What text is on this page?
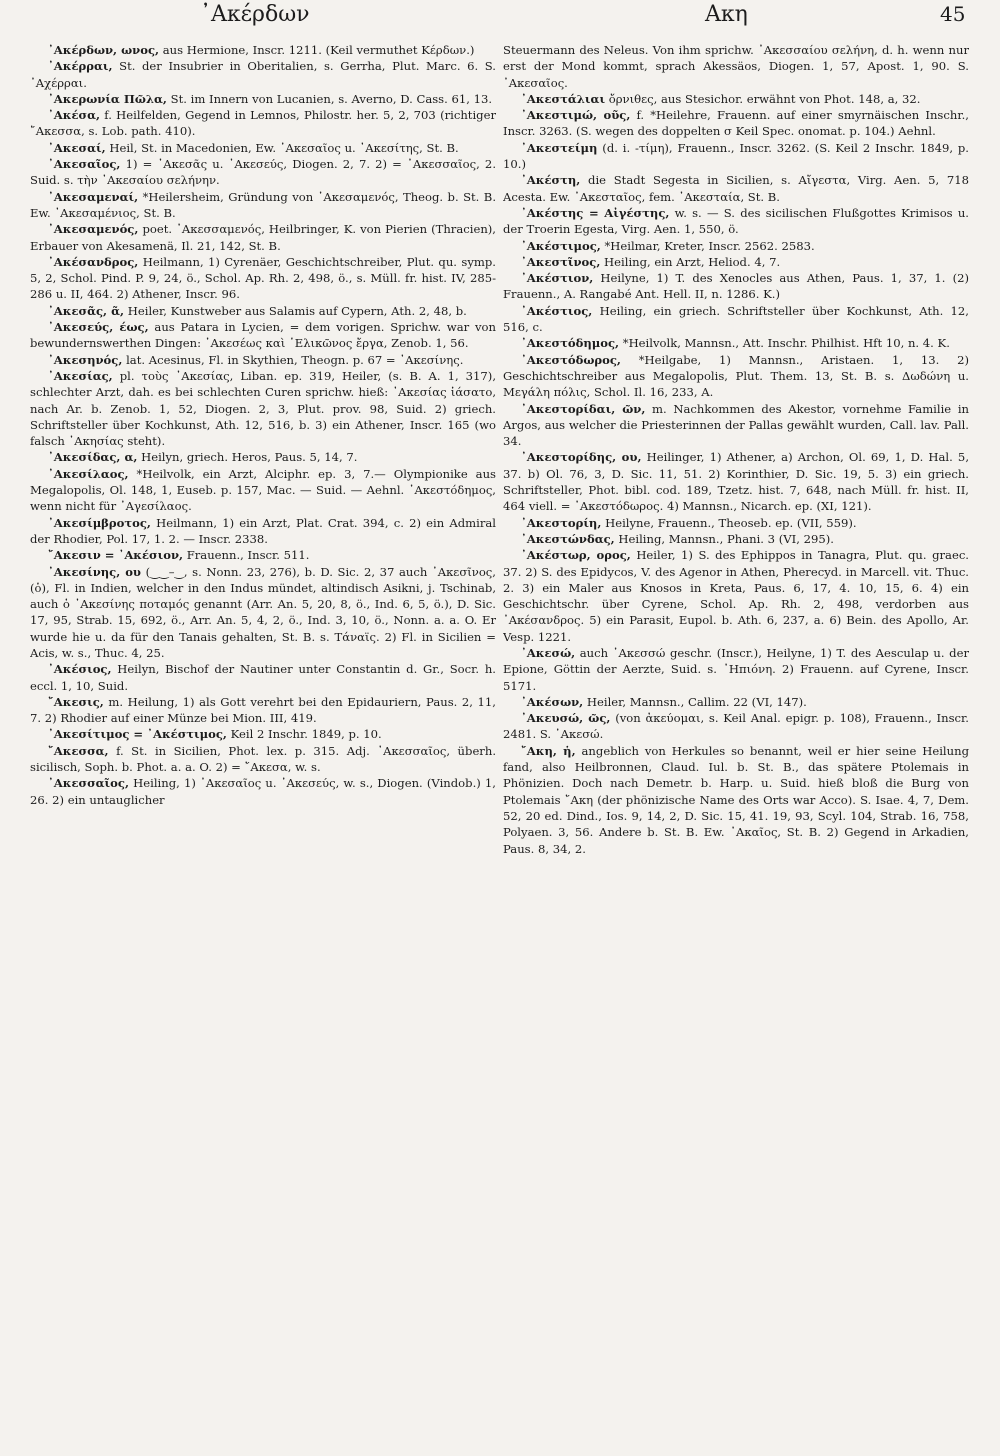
᾿Ακέρδων	Ακη	45

᾿Ακέρδων, ωνος, aus Hermione, Inscr. 1211. (Keil vermuthet Κέρδων.)

᾿Ακέρραι, St. der Insubrier in Oberitalien, s. Gerrha, Plut. Marc. 6. S. ᾿Αχέρραι.

᾿Ακερωνία Πῶλα, St. im Innern von Lucanien, s. Averno, D. Cass. 61, 13.

᾿Ακέσα, f. Heilfelden, Gegend in Lemnos, Philostr. her. 5, 2, 703 (richtiger ῎Ακεσσα, s. Lob. path. 410).

᾿Ακεσαί, Heil, St. in Macedonien, Ew. ᾿Ακεσαῖος u. ᾿Ακεσίτης, St. B.

᾿Ακεσαῖος, 1) = ᾿Ακεσᾶς u. ᾿Ακεσεύς, Diogen. 2, 7. 2) = ᾿Ακεσσαῖος, 2. Suid. s. τὴν ᾿Ακεσαίου σελήνην.

᾿Ακεσαμεναί, *Heilersheim, Gründung von ᾿Ακεσαμενός, Theog. b. St. B. Ew. ᾿Ακεσαμένιος, St. B.

᾿Ακεσαμενός, poet. ᾿Ακεσσαμενός, Heilbringer, K. von Pierien (Thracien), Erbauer von Akesamenä, Il. 21, 142, St. B.

᾿Ακέσανδρος, Heilmann, 1) Cyrenäer, Geschichtschreiber, Plut. qu. symp. 5, 2, Schol. Pind. P. 9, 24, ö., Schol. Ap. Rh. 2, 498, ö., s. Müll. fr. hist. IV, 285-286 u. II, 464. 2) Athener, Inscr. 96.

᾿Ακεσᾶς, ᾶ, Heiler, Kunstweber aus Salamis auf Cypern, Ath. 2, 48, b.

᾿Ακεσεύς, έως, aus Patara in Lycien, = dem vorigen. Sprichw. war von bewundernswerthen Dingen: ᾿Ακεσέως καὶ ῾Ελικῶνος ἔργα, Zenob. 1, 56.

᾿Ακεσηνός, lat. Acesinus, Fl. in Skythien, Theogn. p. 67 = ᾿Ακεσίνης.

᾿Ακεσίας, pl. τοὺς ᾿Ακεσίας, Liban. ep. 319, Heiler, (s. B. A. 1, 317), schlechter Arzt, dah. es bei schlechten Curen sprichw. hieß: ᾿Ακεσίας ἰάσατο, nach Ar. b. Zenob. 1, 52, Diogen. 2, 3, Plut. prov. 98, Suid. 2) griech. Schriftsteller über Kochkunst, Ath. 12, 516, b. 3) ein Athener, Inscr. 165 (wo falsch ᾿Ακησίας steht).

᾿Ακεσίδας, α, Heilyn, griech. Heros, Paus. 5, 14, 7.

᾿Ακεσίλαος, *Heilvolk, ein Arzt, Alciphr. ep. 3, 7.— Olympionike aus Megalopolis, Ol. 148, 1, Euseb. p. 157, Mac. — Suid. — Aehnl. ᾿Ακεστόδημος, wenn nicht für ᾿Αγεσίλαος.

᾿Ακεσίμβροτος, Heilmann, 1) ein Arzt, Plat. Crat. 394, c. 2) ein Admiral der Rhodier, Pol. 17, 1. 2. — Inscr. 2338.

῎Ακεσιν = ᾿Ακέσιον, Frauenn., Inscr. 511.

᾿Ακεσίνης, ου (‿‿–‿, s. Nonn. 23, 276), b. D. Sic. 2, 37 auch ᾿Ακεσῖνος, (ὁ), Fl. in Indien, welcher in den Indus mündet, altindisch Asikni, j. Tschinab, auch ὁ ᾿Ακεσίνης ποταμός genannt (Arr. An. 5, 20, 8, ö., Ind. 6, 5, ö.), D. Sic. 17, 95, Strab. 15, 692, ö., Arr. An. 5, 4, 2, ö., Ind. 3, 10, ö., Nonn. a. a. O. Er wurde hie u. da für den Tanais gehalten, St. B. s. Τάναϊς. 2) Fl. in Sicilien = Acis, w. s., Thuc. 4, 25.

᾿Ακέσιος, Heilyn, Bischof der Nautiner unter Constantin d. Gr., Socr. h. eccl. 1, 10, Suid.

῎Ακεσις, m. Heilung, 1) als Gott verehrt bei den Epidauriern, Paus. 2, 11, 7. 2) Rhodier auf einer Münze bei Mion. III, 419.

᾿Ακεσίτιμος = ᾿Ακέστιμος, Keil 2 Inschr. 1849, p. 10.

῎Ακεσσα, f. St. in Sicilien, Phot. lex. p. 315. Adj. ᾿Ακεσσαῖος, überh. sicilisch, Soph. b. Phot. a. a. O. 2) = ῎Ακεσα, w. s.

᾿Ακεσσαῖος, Heiling, 1) ᾿Ακεσαῖος u. ᾿Ακεσεύς, w. s., Diogen. (Vindob.) 1, 26. 2) ein untauglicher

Steuermann des Neleus. Von ihm sprichw. ᾿Ακεσσαίου σελήνη, d. h. wenn nur erst der Mond kommt, sprach Akessäos, Diogen. 1, 57, Apost. 1, 90. S. ᾿Ακεσαῖος.

᾿Ακεστάλιαι ὄρνιθες, aus Stesichor. erwähnt von Phot. 148, a, 32.

᾿Ακεστιμώ, οῦς, f. *Heilehre, Frauenn. auf einer smyrnäischen Inschr., Inscr. 3263. (S. wegen des doppelten σ Keil Spec. onomat. p. 104.) Aehnl.

᾿Ακεστείμη (d. i. -τίμη), Frauenn., Inscr. 3262. (S. Keil 2 Inschr. 1849, p. 10.)

᾿Ακέστη, die Stadt Segesta in Sicilien, s. Αἴγεστα, Virg. Aen. 5, 718 Acesta. Ew. ᾿Ακεσταῖος, fem. ᾿Ακεσταία, St. B.

᾿Ακέστης = Αἰγέστης, w. s. — S. des sicilischen Flußgottes Krimisos u. der Troerin Egesta, Virg. Aen. 1, 550, ö.

᾿Ακέστιμος, *Heilmar, Kreter, Inscr. 2562. 2583.

᾿Ακεστῖνος, Heiling, ein Arzt, Heliod. 4, 7.

᾿Ακέστιον, Heilyne, 1) T. des Xenocles aus Athen, Paus. 1, 37, 1. (2) Frauenn., A. Rangabé Ant. Hell. II, n. 1286. K.)

᾿Ακέστιος, Heiling, ein griech. Schriftsteller über Kochkunst, Ath. 12, 516, c.

᾿Ακεστόδημος, *Heilvolk, Mannsn., Att. Inschr. Philhist. Hft 10, n. 4. K.

᾿Ακεστόδωρος, *Heilgabe, 1) Mannsn., Aristaen. 1, 13. 2) Geschichtschreiber aus Megalopolis, Plut. Them. 13, St. B. s. Δωδώνη u. Μεγάλη πόλις, Schol. Il. 16, 233, A.

᾿Ακεστορίδαι, ῶν, m. Nachkommen des Akestor, vornehme Familie in Argos, aus welcher die Priesterinnen der Pallas gewählt wurden, Call. lav. Pall. 34.

᾿Ακεστορίδης, ου, Heilinger, 1) Athener, a) Archon, Ol. 69, 1, D. Hal. 5, 37. b) Ol. 76, 3, D. Sic. 11, 51. 2) Korinthier, D. Sic. 19, 5. 3) ein griech. Schriftsteller, Phot. bibl. cod. 189, Tzetz. hist. 7, 648, nach Müll. fr. hist. II, 464 viell. = ᾿Ακεστόδωρος. 4) Mannsn., Nicarch. ep. (XI, 121).

᾿Ακεστορίη, Heilyne, Frauenn., Theoseb. ep. (VII, 559).

᾿Ακεστώνδας, Heiling, Mannsn., Phani. 3 (VI, 295).

᾿Ακέστωρ, ορος, Heiler, 1) S. des Ephippos in Tanagra, Plut. qu. graec. 37. 2) S. des Epidycos, V. des Agenor in Athen, Pherecyd. in Marcell. vit. Thuc. 2. 3) ein Maler aus Knosos in Kreta, Paus. 6, 17, 4. 10, 15, 6. 4) ein Geschichtschr. über Cyrene, Schol. Ap. Rh. 2, 498, verdorben aus ᾿Ακέσανδρος. 5) ein Parasit, Eupol. b. Ath. 6, 237, a. 6) Bein. des Apollo, Ar. Vesp. 1221.

᾿Ακεσώ, auch ᾿Ακεσσώ geschr. (Inscr.), Heilyne, 1) T. des Aesculap u. der Epione, Göttin der Aerzte, Suid. s. ᾿Ηπιόνη. 2) Frauenn. auf Cyrene, Inscr. 5171.

᾿Ακέσων, Heiler, Mannsn., Callim. 22 (VI, 147).

᾿Ακευσώ, ῶς, (von ἀκεύομαι, s. Keil Anal. epigr. p. 108), Frauenn., Inscr. 2481. S. ᾿Ακεσώ.

῎Ακη, ἡ, angeblich von Herkules so benannt, weil er hier seine Heilung fand, also Heilbronnen, Claud. Iul. b. St. B., das spätere Ptolemais in Phönizien. Doch nach Demetr. b. Harp. u. Suid. hieß bloß die Burg von Ptolemais ῎Ακη (der phönizische Name des Orts war Acco). S. Isae. 4, 7, Dem. 52, 20 ed. Dind., Ios. 9, 14, 2, D. Sic. 15, 41. 19, 93, Scyl. 104, Strab. 16, 758, Polyaen. 3, 56. Andere b. St. B. Ew. ᾿Ακαῖος, St. B. 2) Gegend in Arkadien, Paus. 8, 34, 2.
